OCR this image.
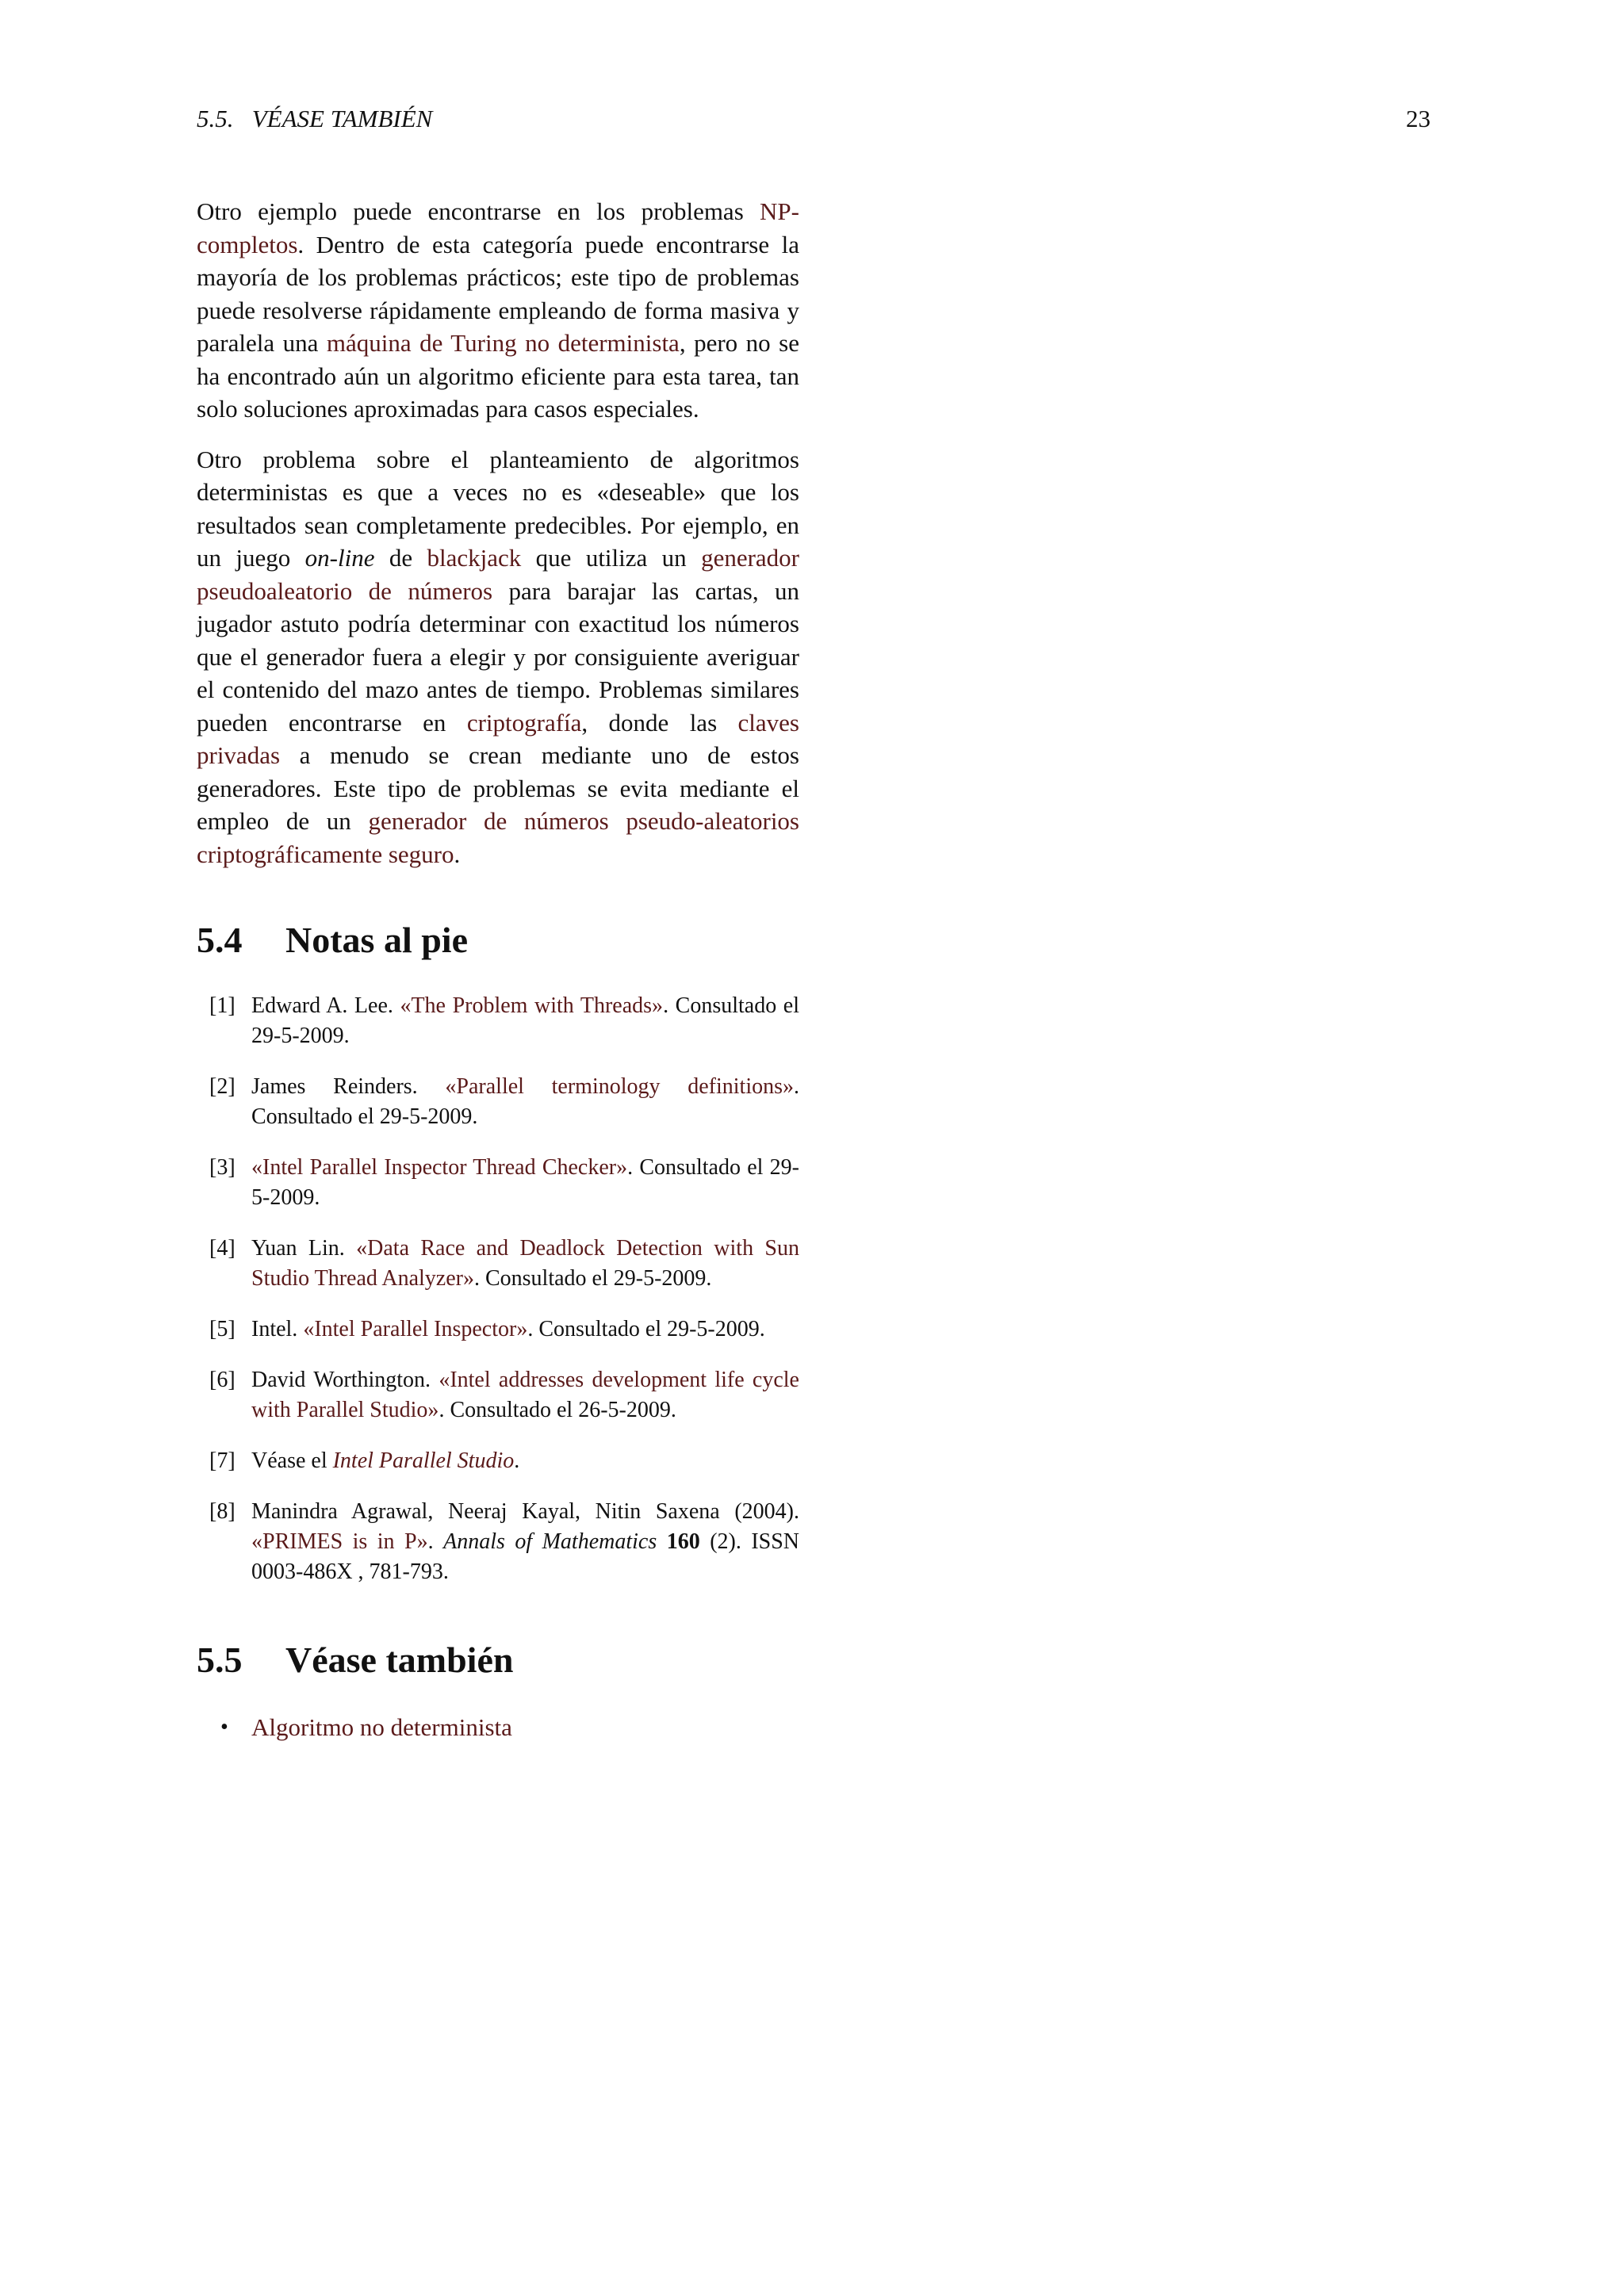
5.5.   VÉASE TAMBIÉN	23

Otro ejemplo puede encontrarse en los problemas NP-completos. Dentro de esta categoría puede encontrarse la mayoría de los problemas prácticos; este tipo de problemas puede resolverse rápidamente empleando de forma masiva y paralela una máquina de Turing no determinista, pero no se ha encontrado aún un algoritmo eficiente para esta tarea, tan solo soluciones aproximadas para casos especiales.

Otro problema sobre el planteamiento de algoritmos deterministas es que a veces no es «deseable» que los resultados sean completamente predecibles. Por ejemplo, en un juego on-line de blackjack que utiliza un generador pseudoaleatorio de números para barajar las cartas, un jugador astuto podría determinar con exactitud los números que el generador fuera a elegir y por consiguiente averiguar el contenido del mazo antes de tiempo. Problemas similares pueden encontrarse en criptografía, donde las claves privadas a menudo se crean mediante uno de estos generadores. Este tipo de problemas se evita mediante el empleo de un generador de números pseudo-aleatorios criptográficamente seguro.

5.4 Notas al pie
[1] Edward A. Lee. «The Problem with Threads». Consultado el 29-5-2009.
[2] James Reinders. «Parallel terminology definitions». Consultado el 29-5-2009.
[3] «Intel Parallel Inspector Thread Checker». Consultado el 29-5-2009.
[4] Yuan Lin. «Data Race and Deadlock Detection with Sun Studio Thread Analyzer». Consultado el 29-5-2009.
[5] Intel. «Intel Parallel Inspector». Consultado el 29-5-2009.
[6] David Worthington. «Intel addresses development life cycle with Parallel Studio». Consultado el 26-5-2009.
[7] Véase el Intel Parallel Studio.
[8] Manindra Agrawal, Neeraj Kayal, Nitin Saxena (2004). «PRIMES is in P». Annals of Mathematics 160 (2). ISSN 0003-486X , 781-793.
5.5 Véase también
• Algoritmo no determinista
